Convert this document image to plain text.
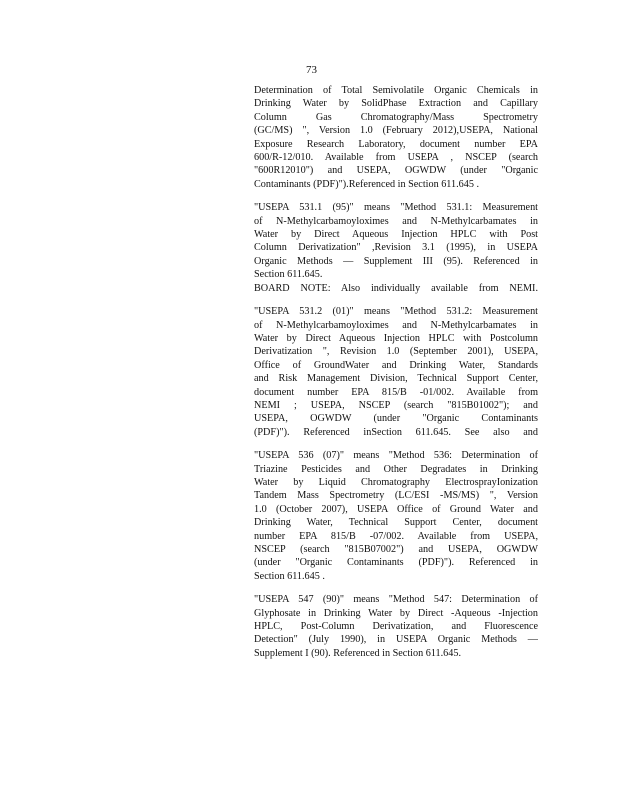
73

Determination of Total Semivolatile Organic Chemicals in
Drinking Water by SolidPhase Extraction and Capillary
Column Gas Chromatography/Mass Spectrometry
(GC/MS) ", Version 1.0 (February 2012),USEPA, National
Exposure Research Laboratory, document number EPA
600/R-12/010. Available from USEPA , NSCEP (search
"600R12010") and USEPA, OGWDW (under "Organic
Contaminants (PDF)").Referenced in Section 611.645 .

"USEPA 531.1 (95)" means "Method 531.1: Measurement
of N-Methylcarbamoyloximes and N-Methylcarbamates in
Water by Direct Aqueous Injection HPLC with Post
Column Derivatization" ,Revision 3.1 (1995), in USEPA
Organic Methods — Supplement III (95). Referenced in
Section 611.645.
BOARD NOTE: Also individually available from NEMI.

"USEPA 531.2 (01)" means "Method 531.2: Measurement
of N-Methylcarbamoyloximes and N-Methylcarbamates in
Water by Direct Aqueous Injection HPLC with Postcolumn
Derivatization ", Revision 1.0 (September 2001), USEPA,
Office of GroundWater and Drinking Water, Standards
and Risk Management Division, Technical Support Center,
document number EPA 815/B -01/002. Available from
NEMI ; USEPA, NSCEP (search "815B01002"); and
USEPA, OGWDW (under "Organic Contaminants
(PDF)"). Referenced inSection 611.645. See also and

"USEPA 536 (07)" means "Method 536: Determination of
Triazine Pesticides and Other Degradates in Drinking
Water by Liquid Chromatography ElectrosprayIonization
Tandem Mass Spectrometry (LC/ESI -MS/MS) ", Version
1.0 (October 2007), USEPA Office of Ground Water and
Drinking Water, Technical Support Center, document
number EPA 815/B -07/002. Available from USEPA,
NSCEP (search "815B07002") and USEPA, OGWDW
(under "Organic Contaminants (PDF)"). Referenced in
Section 611.645 .

"USEPA 547 (90)" means "Method 547: Determination of
Glyphosate in Drinking Water by Direct -Aqueous -Injection
HPLC, Post-Column Derivatization, and Fluorescence
Detection" (July 1990), in USEPA Organic Methods —
Supplement I (90). Referenced in Section 611.645.
